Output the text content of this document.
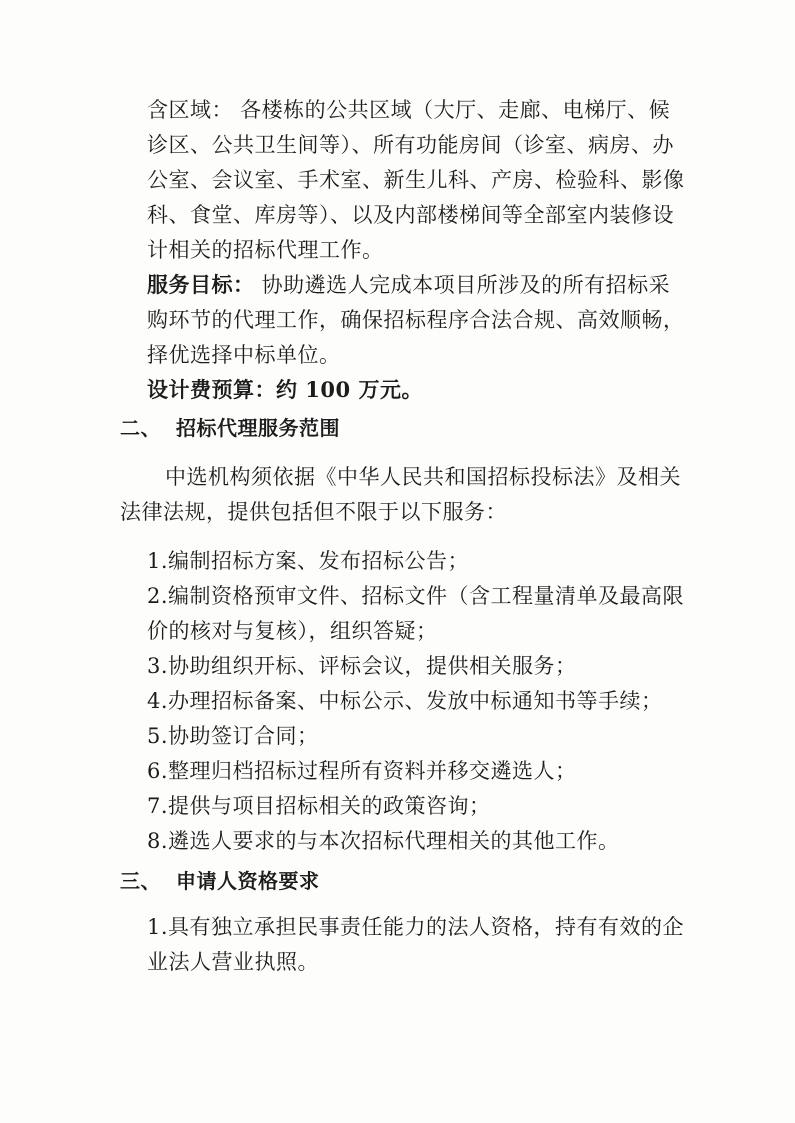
含区域： 各楼栋的公共区域（大厅、走廊、电梯厅、候
诊区、公共卫生间等）、所有功能房间（诊室、病房、办
公室、会议室、手术室、新生儿科、产房、检验科、影像
科、食堂、库房等）、以及内部楼梯间等全部室内装修设
计相关的招标代理工作。
服务目标： 协助遴选人完成本项目所涉及的所有招标采
购环节的代理工作，确保招标程序合法合规、高效顺畅，
择优选择中标单位。
设计费预算：约 100 万元。
二、 招标代理服务范围
中选机构须依据《中华人民共和国招标投标法》及相关
法律法规，提供包括但不限于以下服务：
1.编制招标方案、发布招标公告；
2.编制资格预审文件、招标文件（含工程量清单及最高限
价的核对与复核），组织答疑；
3.协助组织开标、评标会议，提供相关服务；
4.办理招标备案、中标公示、发放中标通知书等手续；
5.协助签订合同；
6.整理归档招标过程所有资料并移交遴选人；
7.提供与项目招标相关的政策咨询；
8.遴选人要求的与本次招标代理相关的其他工作。
三、 申请人资格要求
1.具有独立承担民事责任能力的法人资格，持有有效的企
业法人营业执照。
